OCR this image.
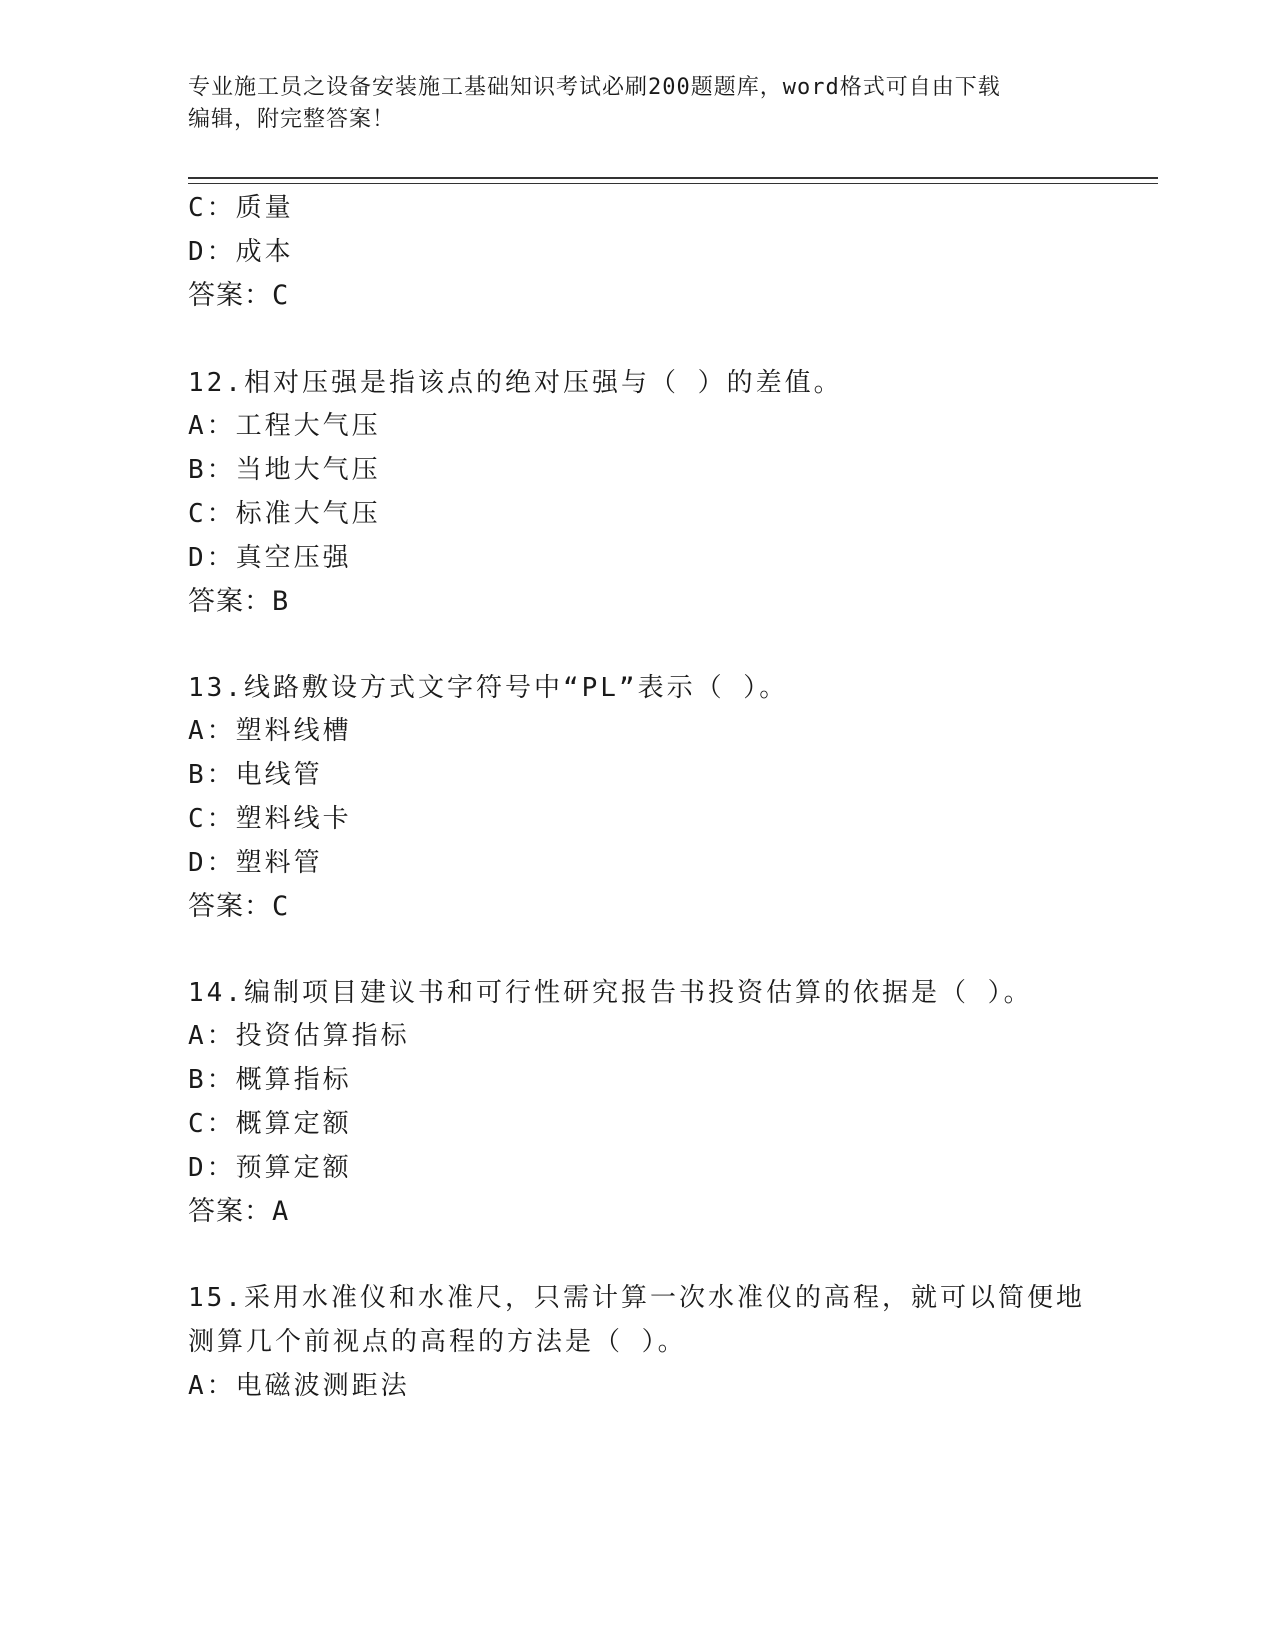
专业施工员之设备安装施工基础知识考试必刷200题题库，word格式可自由下载
编辑，附完整答案！
C：质量
D：成本
答案：C
12.相对压强是指该点的绝对压强与（ ）的差值。
A：工程大气压
B：当地大气压
C：标准大气压
D：真空压强
答案：B
13.线路敷设方式文字符号中“PL”表示（ ）。
A：塑料线槽
B：电线管
C：塑料线卡
D：塑料管
答案：C
14.编制项目建议书和可行性研究报告书投资估算的依据是（ ）。
A：投资估算指标
B：概算指标
C：概算定额
D：预算定额
答案：A
15.采用水准仪和水准尺，只需计算一次水准仪的高程，就可以简便地
测算几个前视点的高程的方法是（ ）。
A：电磁波测距法
